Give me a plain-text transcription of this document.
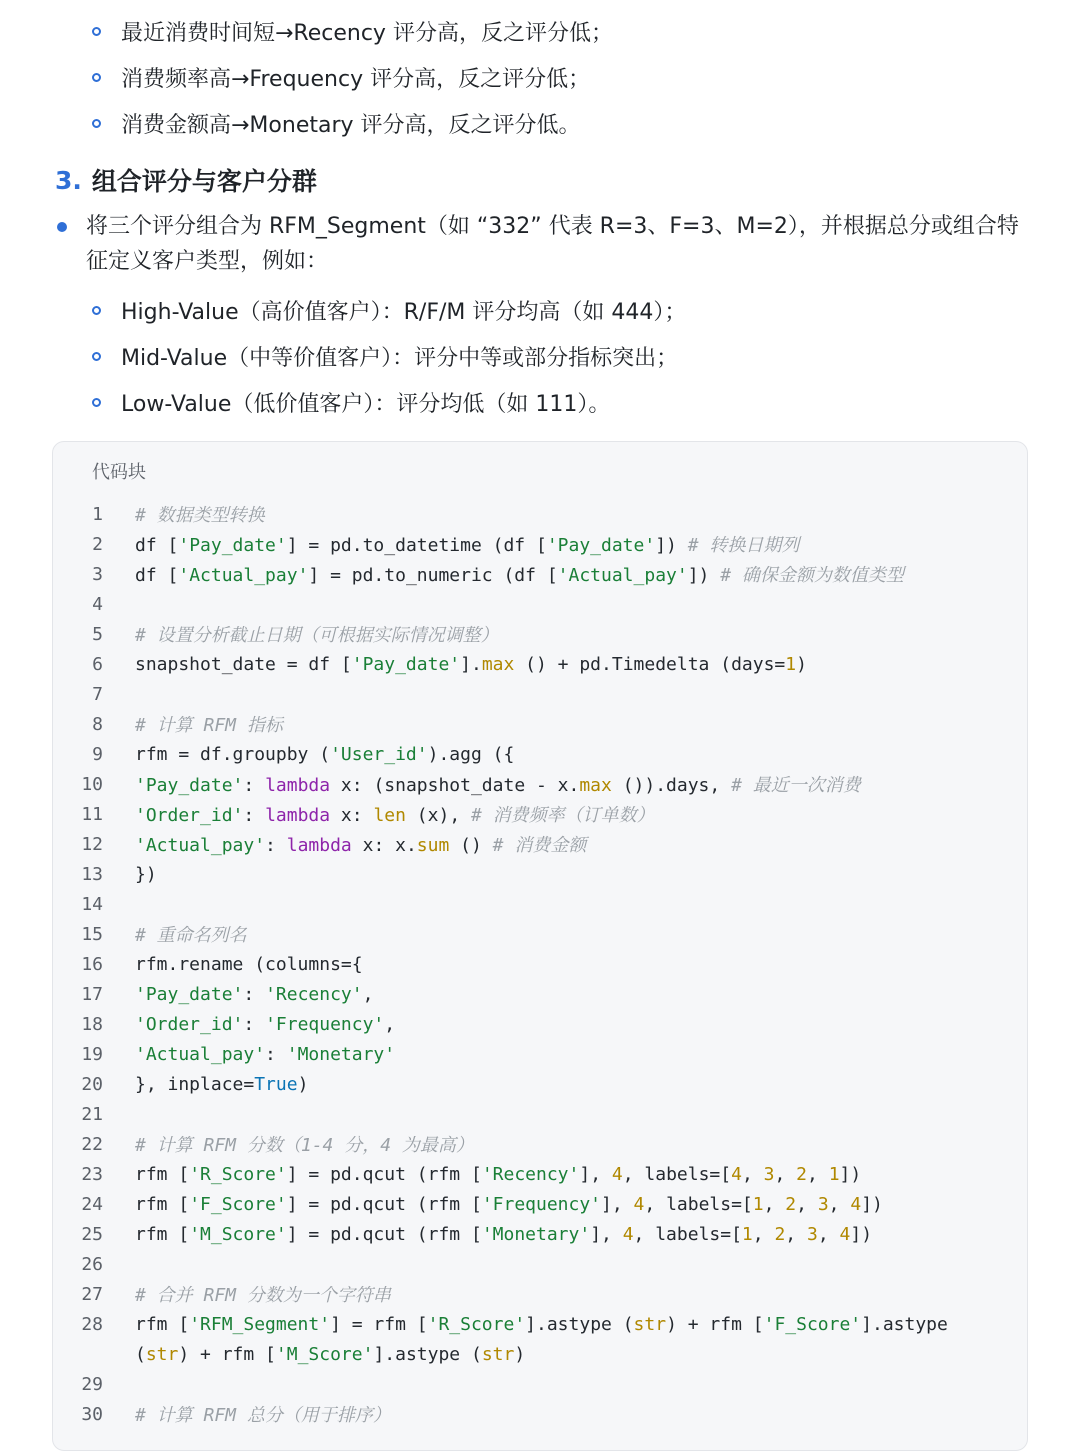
最近消费时间短→Recency 评分高，反之评分低；
消费频率高→Frequency 评分高，反之评分低；
消费金额高→Monetary 评分高，反之评分低。
3. 组合评分与客户分群
将三个评分组合为 RFM_Segment（如 “332” 代表 R=3、F=3、M=2），并根据总分或组合特征定义客户类型，例如：
High-Value（高价值客户）：R/F/M 评分均高（如 444）；
Mid-Value（中等价值客户）：评分中等或部分指标突出；
Low-Value（低价值客户）：评分均低（如 111）。
代码块
1 # 数据类型转换
2 df ['Pay_date'] = pd.to_datetime (df ['Pay_date']) # 转换日期列
3 df ['Actual_pay'] = pd.to_numeric (df ['Actual_pay']) # 确保金额为数值类型
4
5 # 设置分析截止日期（可根据实际情况调整）
6 snapshot_date = df ['Pay_date'].max () + pd.Timedelta (days=1)
7
8 # 计算 RFM 指标
9 rfm = df.groupby ('User_id').agg ({
10 'Pay_date': lambda x: (snapshot_date - x.max ()).days, # 最近一次消费
11 'Order_id': lambda x: len (x), # 消费频率（订单数）
12 'Actual_pay': lambda x: x.sum () # 消费金额
13 })
14
15 # 重命名列名
16 rfm.rename (columns={
17 'Pay_date': 'Recency',
18 'Order_id': 'Frequency',
19 'Actual_pay': 'Monetary'
20 }, inplace=True)
21
22 # 计算 RFM 分数（1-4 分，4 为最高）
23 rfm ['R_Score'] = pd.qcut (rfm ['Recency'], 4, labels=[4, 3, 2, 1])
24 rfm ['F_Score'] = pd.qcut (rfm ['Frequency'], 4, labels=[1, 2, 3, 4])
25 rfm ['M_Score'] = pd.qcut (rfm ['Monetary'], 4, labels=[1, 2, 3, 4])
26
27 # 合并 RFM 分数为一个字符串
28 rfm ['RFM_Segment'] = rfm ['R_Score'].astype (str) + rfm ['F_Score'].astype
(str) + rfm ['M_Score'].astype (str)
29
30 # 计算 RFM 总分（用于排序）
